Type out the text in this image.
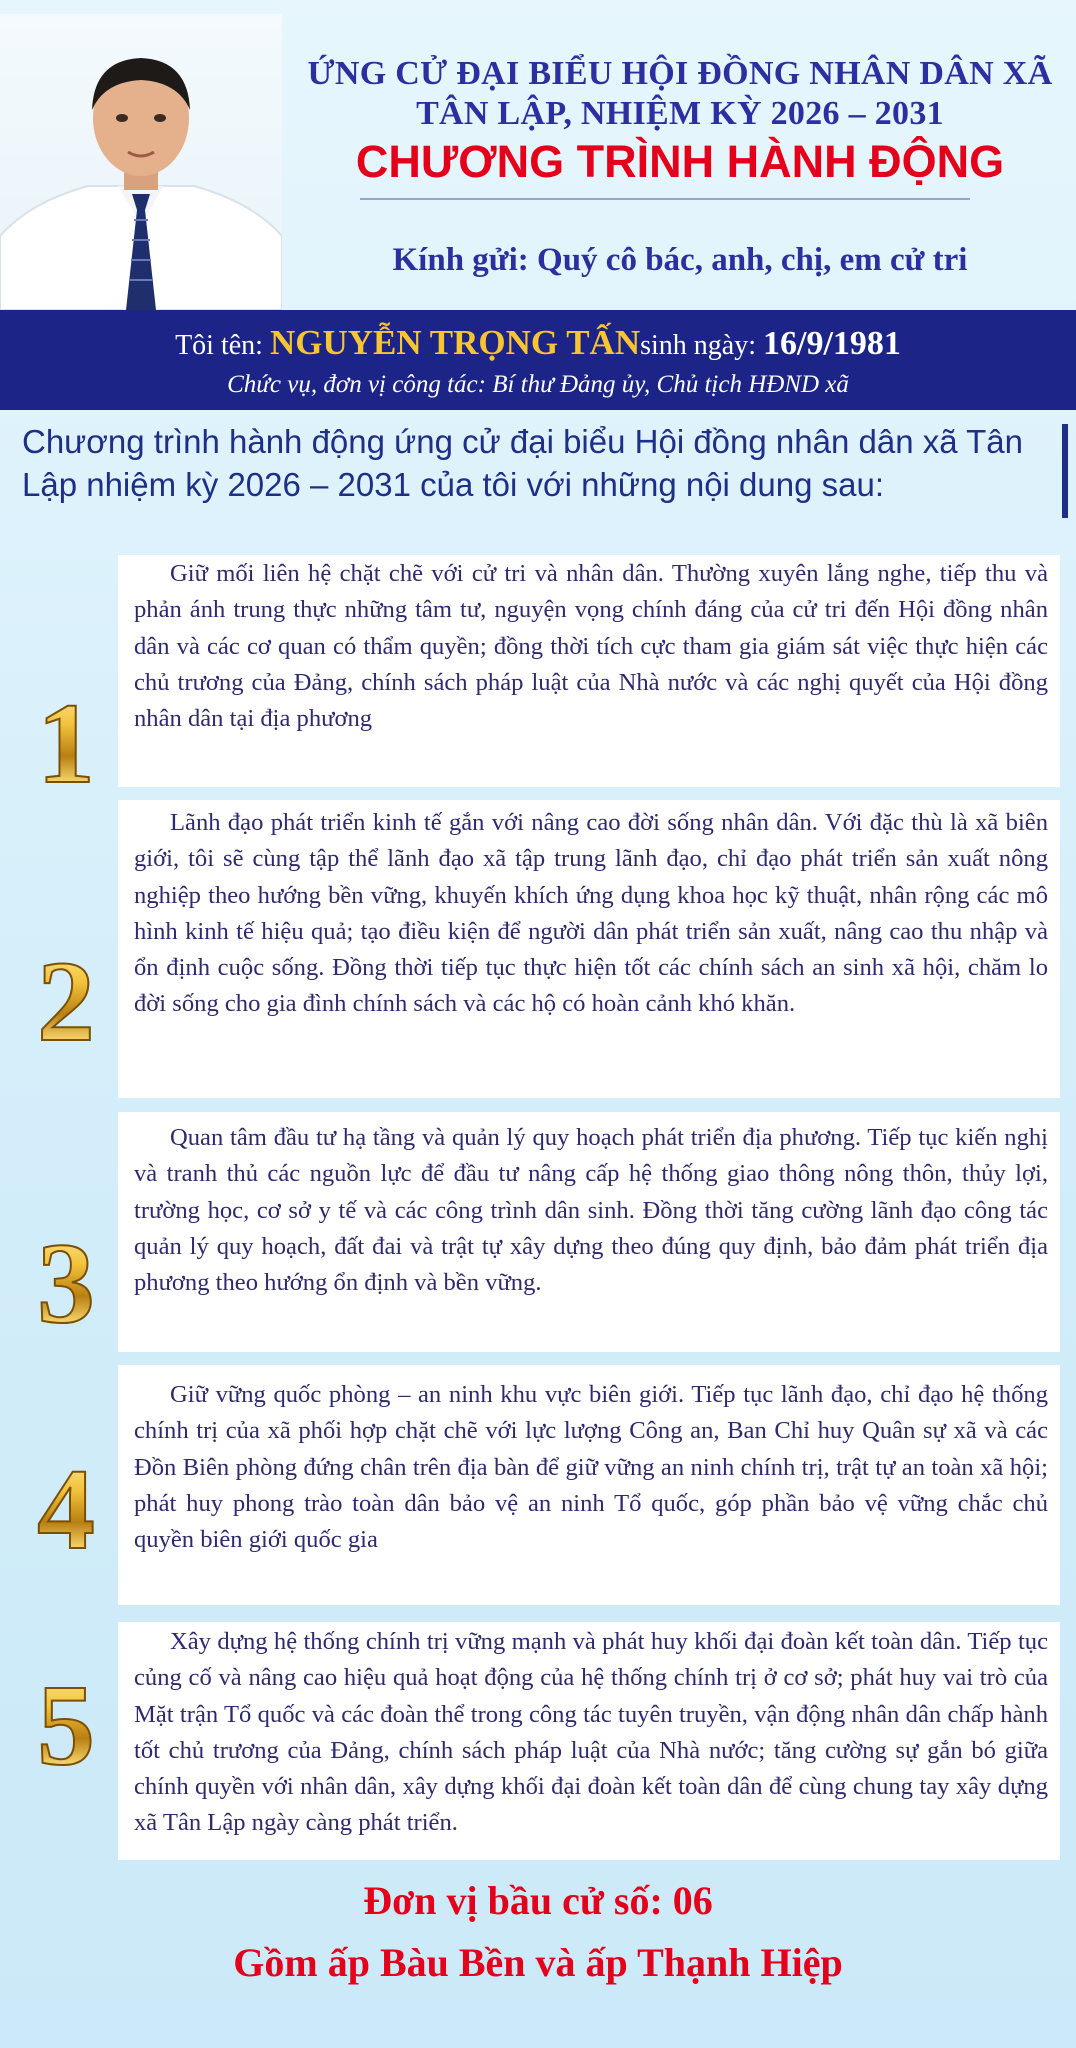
ỨNG CỬ ĐẠI BIỂU HỘI ĐỒNG NHÂN DÂN XÃ TÂN LẬP, NHIỆM KỲ 2026 – 2031
CHƯƠNG TRÌNH HÀNH ĐỘNG
Kính gửi: Quý cô bác, anh, chị, em cử tri
Tôi tên: NGUYỄN TRỌNG TẤNsinh ngày: 16/9/1981
Chức vụ, đơn vị công tác: Bí thư Đảng ủy, Chủ tịch HĐND xã
Chương trình hành động ứng cử đại biểu Hội đồng nhân dân xã Tân Lập nhiệm kỳ 2026 – 2031 của tôi với những nội dung sau:
Giữ mối liên hệ chặt chẽ với cử tri và nhân dân. Thường xuyên lắng nghe, tiếp thu và phản ánh trung thực những tâm tư, nguyện vọng chính đáng của cử tri đến Hội đồng nhân dân và các cơ quan có thẩm quyền; đồng thời tích cực tham gia giám sát việc thực hiện các chủ trương của Đảng, chính sách pháp luật của Nhà nước và các nghị quyết của Hội đồng nhân dân tại địa phương
1
Lãnh đạo phát triển kinh tế gắn với nâng cao đời sống nhân dân. Với đặc thù là xã biên giới, tôi sẽ cùng tập thể lãnh đạo xã tập trung lãnh đạo, chỉ đạo phát triển sản xuất nông nghiệp theo hướng bền vững, khuyến khích ứng dụng khoa học kỹ thuật, nhân rộng các mô hình kinh tế hiệu quả; tạo điều kiện để người dân phát triển sản xuất, nâng cao thu nhập và ổn định cuộc sống. Đồng thời tiếp tục thực hiện tốt các chính sách an sinh xã hội, chăm lo đời sống cho gia đình chính sách và các hộ có hoàn cảnh khó khăn.
2
Quan tâm đầu tư hạ tầng và quản lý quy hoạch phát triển địa phương. Tiếp tục kiến nghị và tranh thủ các nguồn lực để đầu tư nâng cấp hệ thống giao thông nông thôn, thủy lợi, trường học, cơ sở y tế và các công trình dân sinh. Đồng thời tăng cường lãnh đạo công tác quản lý quy hoạch, đất đai và trật tự xây dựng theo đúng quy định, bảo đảm phát triển địa phương theo hướng ổn định và bền vững.
3
Giữ vững quốc phòng – an ninh khu vực biên giới. Tiếp tục lãnh đạo, chỉ đạo hệ thống chính trị của xã phối hợp chặt chẽ với lực lượng Công an, Ban Chỉ huy Quân sự xã và các Đồn Biên phòng đứng chân trên địa bàn để giữ vững an ninh chính trị, trật tự an toàn xã hội; phát huy phong trào toàn dân bảo vệ an ninh Tổ quốc, góp phần bảo vệ vững chắc chủ quyền biên giới quốc gia
4
Xây dựng hệ thống chính trị vững mạnh và phát huy khối đại đoàn kết toàn dân. Tiếp tục củng cố và nâng cao hiệu quả hoạt động của hệ thống chính trị ở cơ sở; phát huy vai trò của Mặt trận Tổ quốc và các đoàn thể trong công tác tuyên truyền, vận động nhân dân chấp hành tốt chủ trương của Đảng, chính sách pháp luật của Nhà nước; tăng cường sự gắn bó giữa chính quyền với nhân dân, xây dựng khối đại đoàn kết toàn dân để cùng chung tay xây dựng xã Tân Lập ngày càng phát triển.
5
Đơn vị bầu cử số: 06
Gồm ấp Bàu Bền và ấp Thạnh Hiệp
